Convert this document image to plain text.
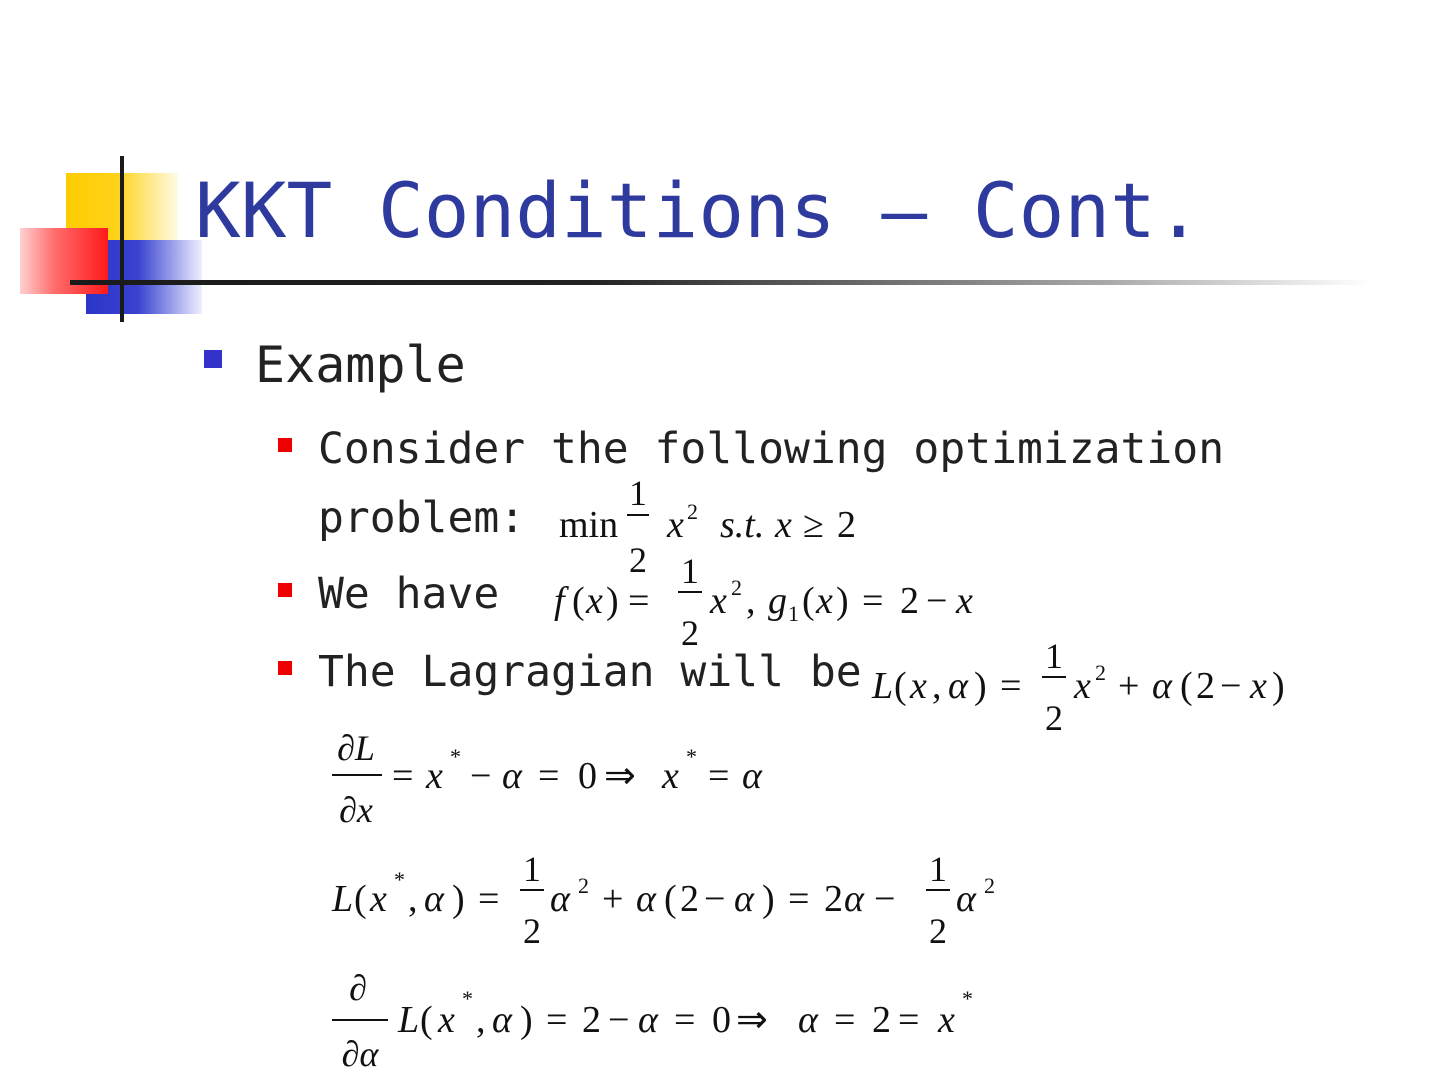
KKT Conditions — Cont.
Example
Consider the following optimization
problem:
We have
The Lagragian will be
min
1
2
x 2 s.t. x ≥ 2
f ( x ) =
1
2
x 2 , g 1 ( x ) = 2 − x
L ( x , α ) =
1
2
x 2 + α ( 2 − x )
∂L
∂x
= x * − α = 0 ⇒ x * = α
L ( x * , α ) =
1
2
α 2 + α ( 2 − α ) = 2 α −
1
2
α 2
∂
∂α
L ( x
*
, α ) = 2 − α = 0 ⇒ α = 2 = x
*
